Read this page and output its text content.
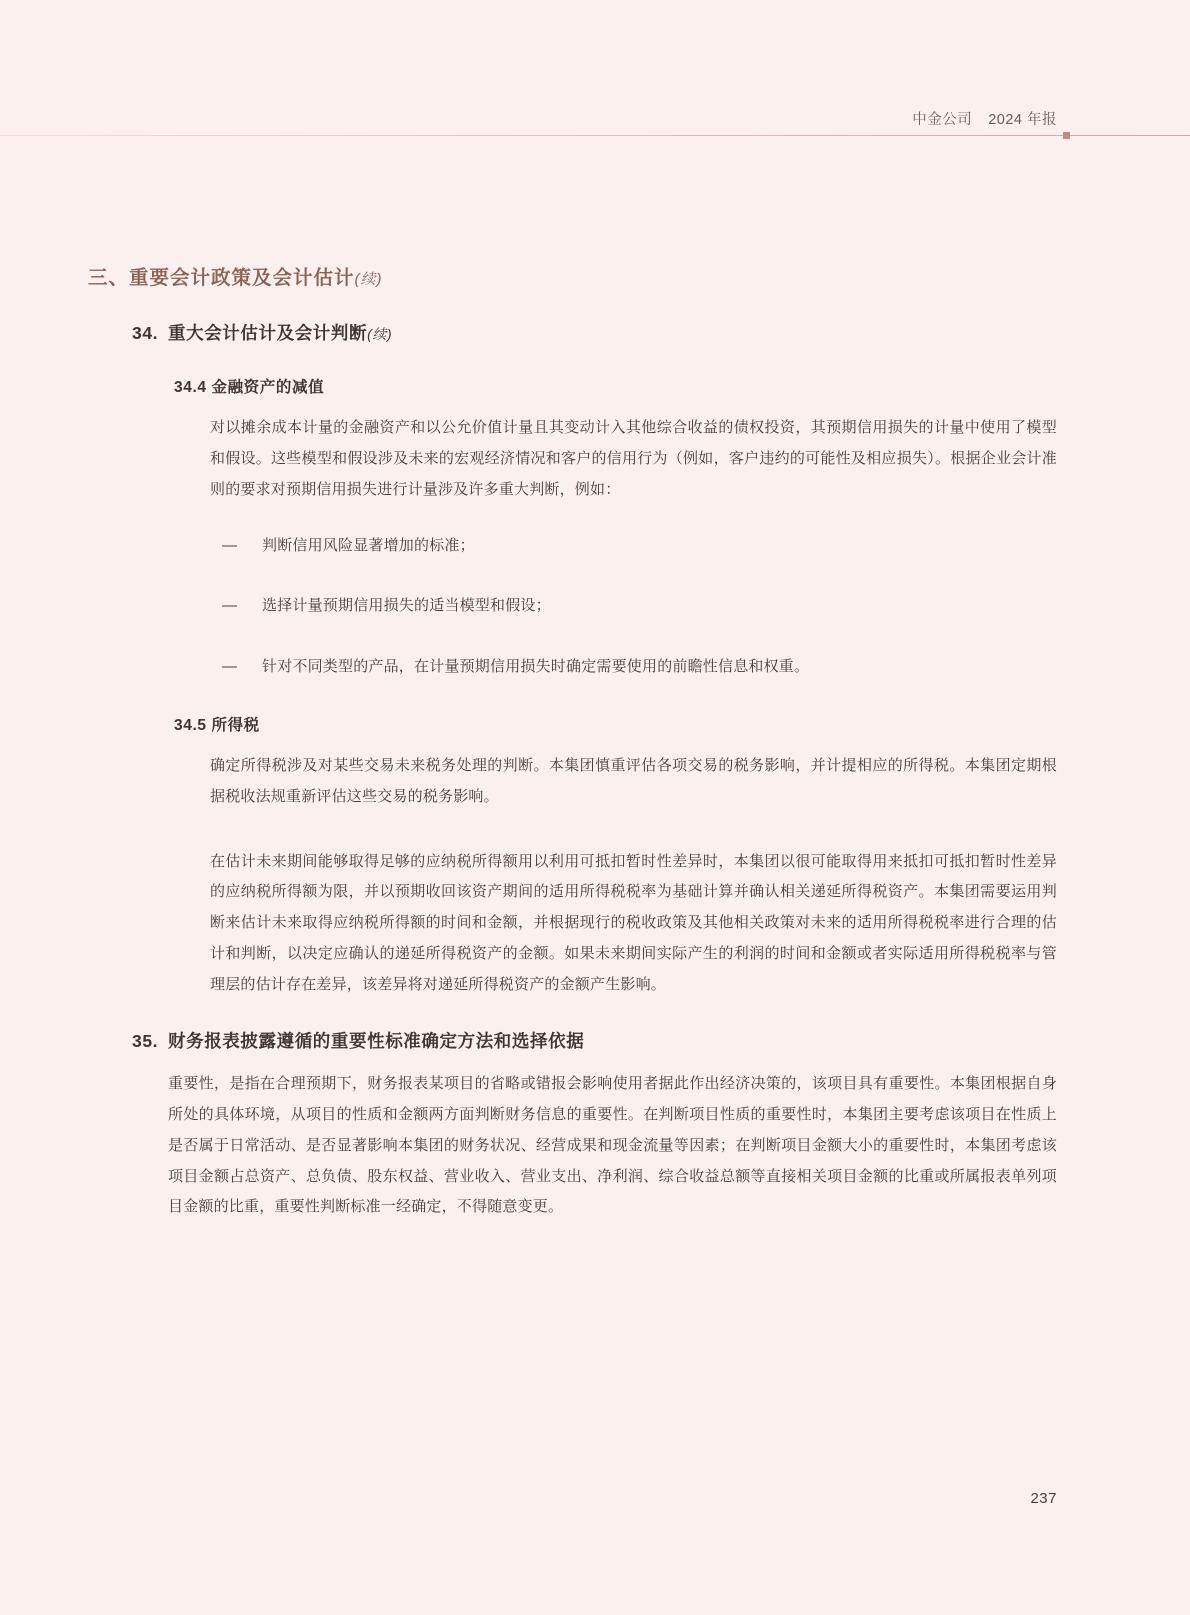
中金公司 2024 年报
三、重要会计政策及会计估计(续)
34. 重大会计估计及会计判断(续)
34.4 金融资产的减值

对以摊余成本计量的金融资产和以公允价值计量且其变动计入其他综合收益的债权投资，其预期信用损失的计量中使用了模型和假设。这些模型和假设涉及未来的宏观经济情况和客户的信用行为（例如，客户违约的可能性及相应损失）。根据企业会计准则的要求对预期信用损失进行计量涉及许多重大判断，例如：

— 判断信用风险显著增加的标准；
— 选择计量预期信用损失的适当模型和假设；
— 针对不同类型的产品，在计量预期信用损失时确定需要使用的前瞻性信息和权重。
34.5 所得税

确定所得税涉及对某些交易未来税务处理的判断。本集团慎重评估各项交易的税务影响，并计提相应的所得税。本集团定期根据税收法规重新评估这些交易的税务影响。

在估计未来期间能够取得足够的应纳税所得额用以利用可抵扣暂时性差异时，本集团以很可能取得用来抵扣可抵扣暂时性差异的应纳税所得额为限，并以预期收回该资产期间的适用所得税税率为基础计算并确认相关递延所得税资产。本集团需要运用判断来估计未来取得应纳税所得额的时间和金额，并根据现行的税收政策及其他相关政策对未来的适用所得税税率进行合理的估计和判断，以决定应确认的递延所得税资产的金额。如果未来期间实际产生的利润的时间和金额或者实际适用所得税税率与管理层的估计存在差异，该差异将对递延所得税资产的金额产生影响。

35. 财务报表披露遵循的重要性标准确定方法和选择依据

重要性，是指在合理预期下，财务报表某项目的省略或错报会影响使用者据此作出经济决策的，该项目具有重要性。本集团根据自身所处的具体环境，从项目的性质和金额两方面判断财务信息的重要性。在判断项目性质的重要性时，本集团主要考虑该项目在性质上是否属于日常活动、是否显著影响本集团的财务状况、经营成果和现金流量等因素；在判断项目金额大小的重要性时，本集团考虑该项目金额占总资产、总负债、股东权益、营业收入、营业支出、净利润、综合收益总额等直接相关项目金额的比重或所属报表单列项目金额的比重，重要性判断标准一经确定，不得随意变更。

237
